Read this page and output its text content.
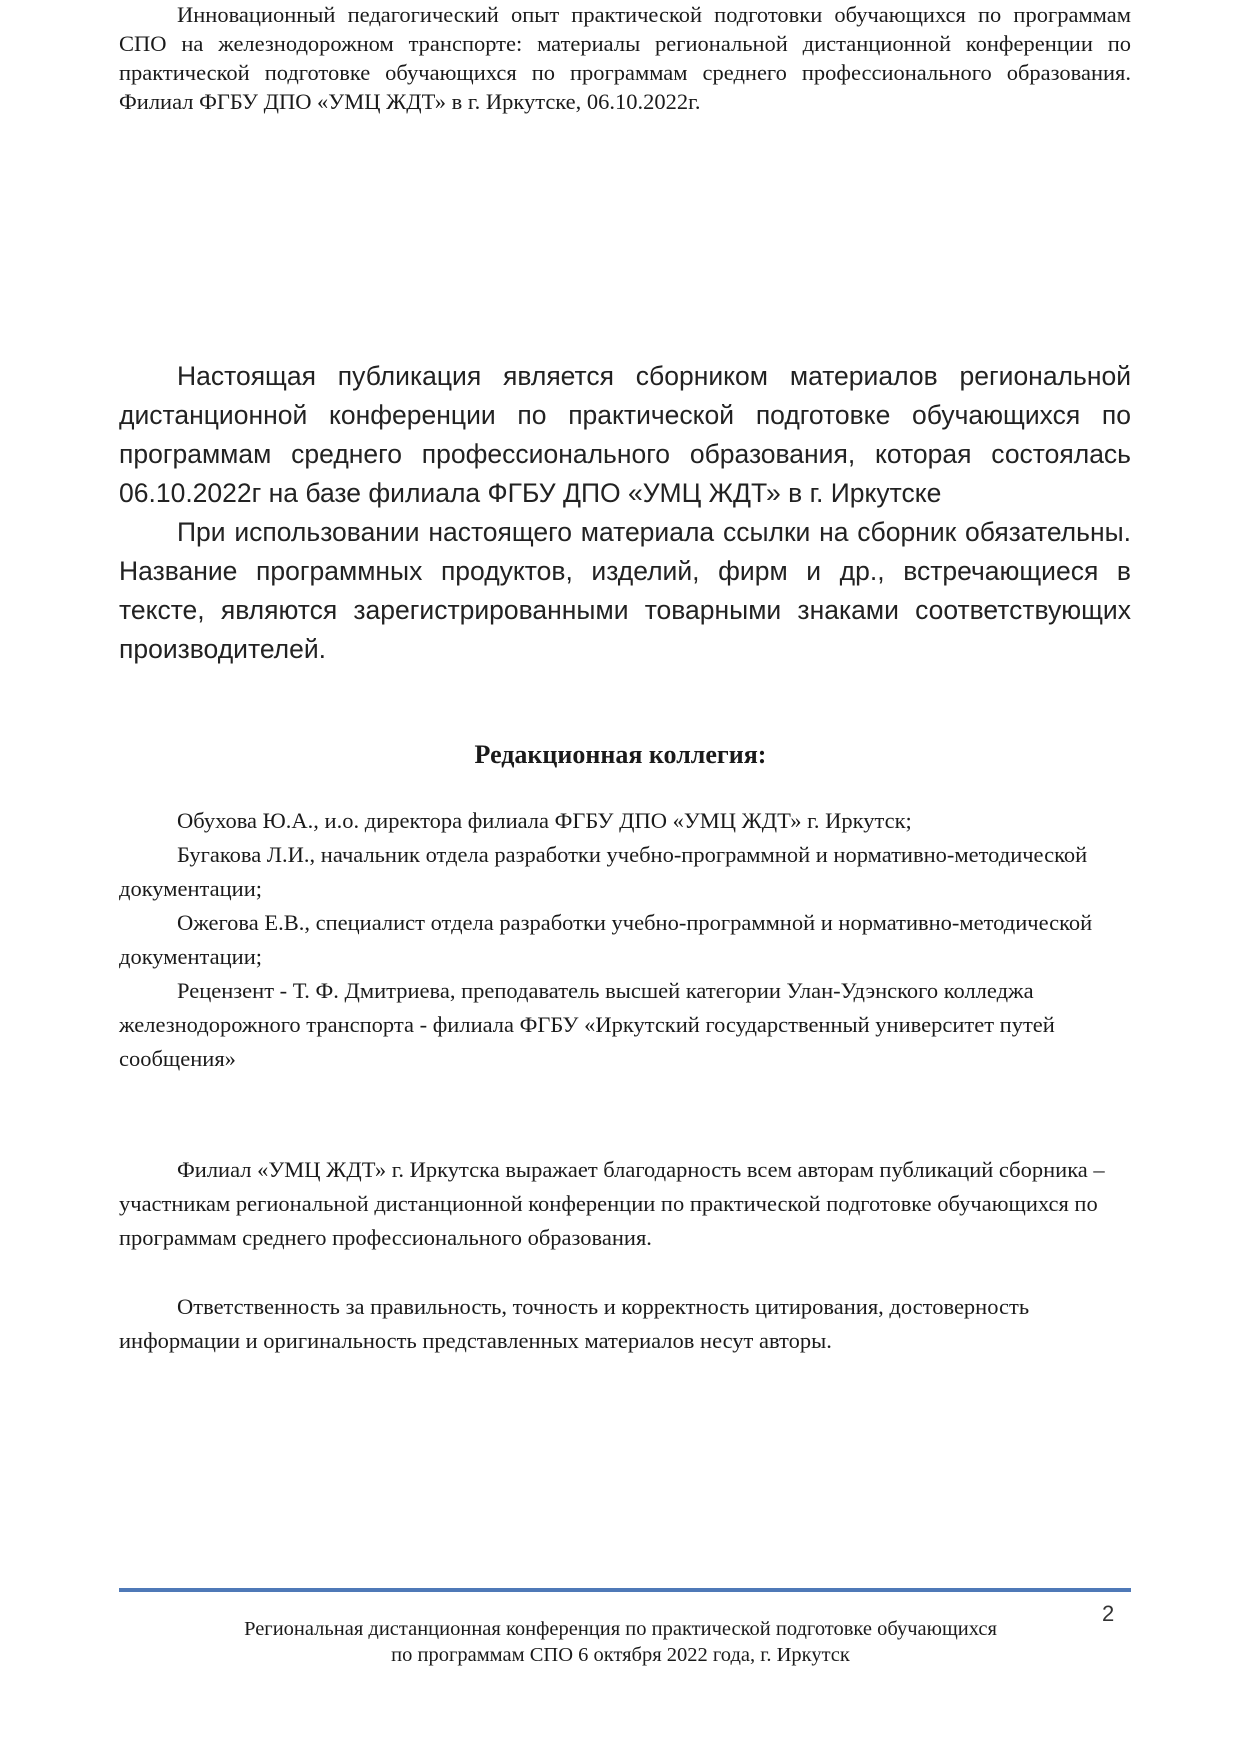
Инновационный педагогический опыт практической подготовки обучающихся по программам СПО на железнодорожном транспорте: материалы региональной дистанционной конференции по практической подготовке обучающихся по программам среднего профессионального образования. Филиал ФГБУ ДПО «УМЦ ЖДТ» в г. Иркутске, 06.10.2022г.

Настоящая публикация является сборником материалов региональной дистанционной конференции по практической подготовке обучающихся по программам среднего профессионального образования, которая состоялась 06.10.2022г на базе филиала ФГБУ ДПО «УМЦ ЖДТ» в г. Иркутске

При использовании настоящего материала ссылки на сборник обязательны. Название программных продуктов, изделий, фирм и др., встречающиеся в тексте, являются зарегистрированными товарными знаками соответствующих производителей.

Редакционная коллегия:

Обухова Ю.А., и.о. директора филиала ФГБУ ДПО «УМЦ ЖДТ» г. Иркутск;

Бугакова Л.И., начальник отдела разработки учебно-программной и нормативно-методической документации;

Ожегова Е.В., специалист отдела разработки учебно-программной и нормативно-методической документации;

Рецензент - Т. Ф. Дмитриева, преподаватель высшей категории Улан-Удэнского колледжа железнодорожного транспорта - филиала ФГБУ «Иркутский государственный университет путей сообщения»

Филиал «УМЦ ЖДТ» г. Иркутска выражает благодарность всем авторам публикаций сборника – участникам региональной дистанционной конференции по практической подготовке обучающихся по программам среднего профессионального образования.

Ответственность за правильность, точность и корректность цитирования, достоверность информации и оригинальность представленных материалов несут авторы.

2
Региональная дистанционная конференция по практической подготовке обучающихся
по программам СПО 6 октября 2022 года, г. Иркутск
